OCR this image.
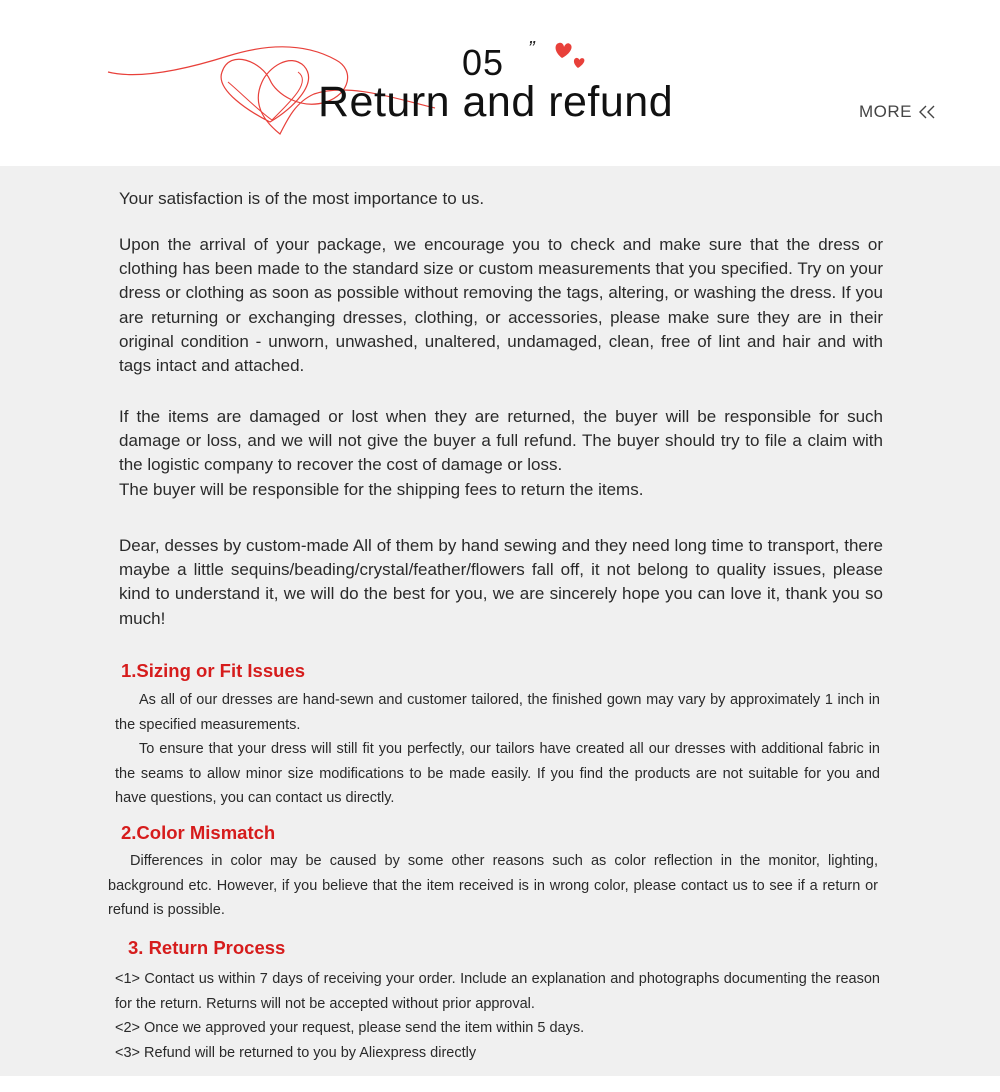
05 ”
Return and refund	MORE

Your satisfaction is of the most importance to us.

Upon the arrival of your package, we encourage you to check and make sure that the dress or clothing has been made to the standard size or custom measurements that you specified. Try on your dress or clothing as soon as possible without removing the tags, altering, or washing the dress. If you are returning or exchanging dresses, clothing, or accessories, please make sure they are in their original condition - unworn, unwashed, unaltered, undamaged, clean, free of lint and hair and with tags intact and attached.

If the items are damaged or lost when they are returned, the buyer will be responsible for such damage or loss, and we will not give the buyer a full refund. The buyer should try to file a claim with the logistic company to recover the cost of damage or loss.

The buyer will be responsible for the shipping fees to return the items.

Dear, desses by custom-made All of them by hand sewing and they need long time to transport, there maybe a little sequins/beading/crystal/feather/flowers fall off, it not belong to quality issues, please kind to understand it, we will do the best for you, we are sincerely hope you can love it, thank you so much!

1.Sizing or Fit Issues

As all of our dresses are hand-sewn and customer tailored, the finished gown may vary by approximately 1 inch in the specified measurements.

To ensure that your dress will still fit you perfectly, our tailors have created all our dresses with additional fabric in the seams to allow minor size modifications to be made easily. If you find the products are not suitable for you and have questions, you can contact us directly.

2.Color Mismatch

Differences in color may be caused by some other reasons such as color reflection in the monitor, lighting, background etc. However, if you believe that the item received is in wrong color, please contact us to see if a return or refund is possible.

3. Return Process

<1> Contact us within 7 days of receiving your order. Include an explanation and photographs documenting the reason for the return. Returns will not be accepted without prior approval.

<2> Once we approved your request, please send the item within 5 days.

<3> Refund will be returned to you by Aliexpress directly
